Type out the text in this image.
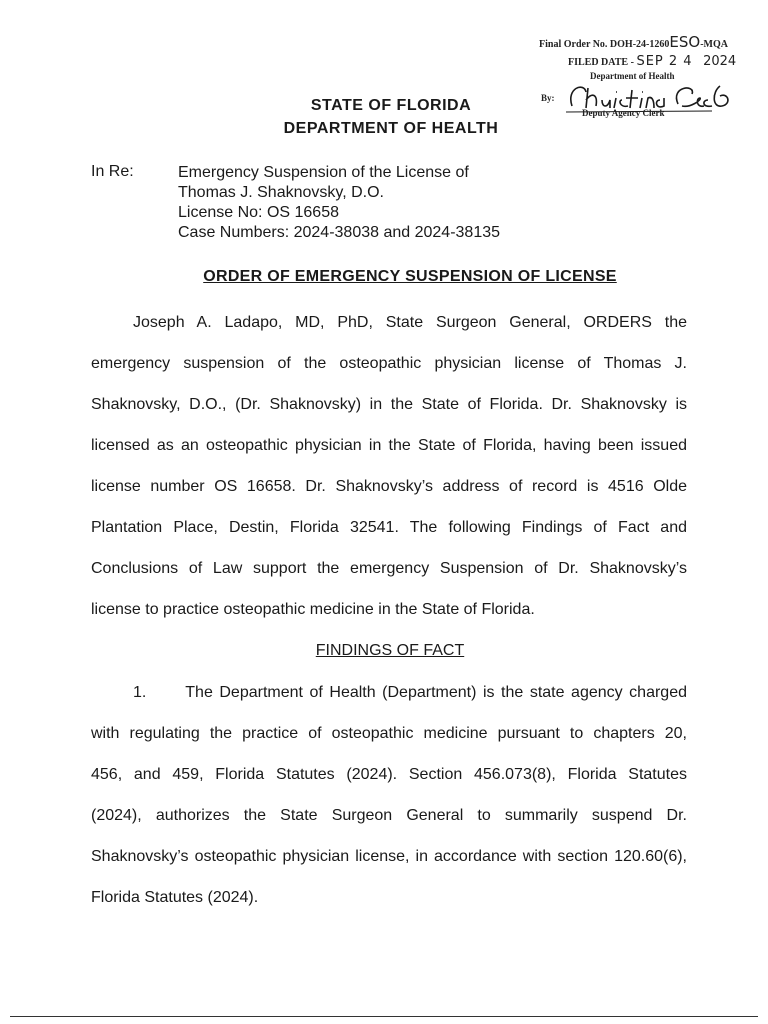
Final Order No. DOH-24-1260ESO-MQA
FILED DATE - SEP 2 4 2024
Department of Health
By:
Deputy Agency Clerk
STATE OF FLORIDA
DEPARTMENT OF HEALTH
In Re:	Emergency Suspension of the License of
Thomas J. Shaknovsky, D.O.
License No: OS 16658
Case Numbers: 2024-38038 and 2024-38135
ORDER OF EMERGENCY SUSPENSION OF LICENSE
Joseph A. Ladapo, MD, PhD, State Surgeon General, ORDERS the
emergency suspension of the osteopathic physician license of Thomas J.
Shaknovsky, D.O., (Dr. Shaknovsky) in the State of Florida. Dr. Shaknovsky is
licensed as an osteopathic physician in the State of Florida, having been issued
license number OS 16658. Dr. Shaknovsky’s address of record is 4516 Olde
Plantation Place, Destin, Florida 32541. The following Findings of Fact and
Conclusions of Law support the emergency Suspension of Dr. Shaknovsky’s
license to practice osteopathic medicine in the State of Florida.
FINDINGS OF FACT
1.      The Department of Health (Department) is the state agency charged
with regulating the practice of osteopathic medicine pursuant to chapters 20,
456, and 459, Florida Statutes (2024). Section 456.073(8), Florida Statutes
(2024), authorizes the State Surgeon General to summarily suspend Dr.
Shaknovsky’s osteopathic physician license, in accordance with section 120.60(6),
Florida Statutes (2024).
